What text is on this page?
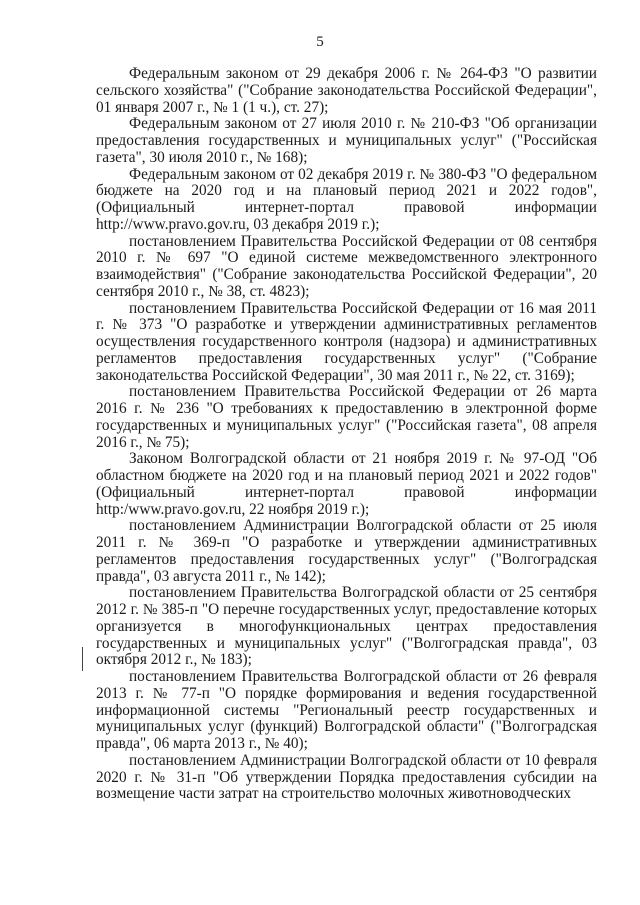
5

Федеральным законом от 29 декабря 2006 г. № 264-ФЗ "О развитии сельского хозяйства" ("Собрание законодательства Российской Федерации", 01 января 2007 г., № 1 (1 ч.), ст. 27);

Федеральным законом от 27 июля 2010 г. № 210-ФЗ "Об организации предоставления государственных и муниципальных услуг" ("Российская газета", 30 июля 2010 г., № 168);

Федеральным законом от 02 декабря 2019 г. № 380-ФЗ "О федеральном бюджете на 2020 год и на плановый период 2021 и 2022 годов", (Официальный интернет-портал правовой информации http://www.pravo.gov.ru, 03 декабря 2019 г.);

постановлением Правительства Российской Федерации от 08 сентября 2010 г. № 697 "О единой системе межведомственного электронного взаимодействия" ("Собрание законодательства Российской Федерации", 20 сентября 2010 г., № 38, ст. 4823);

постановлением Правительства Российской Федерации от 16 мая 2011 г. № 373 "О разработке и утверждении административных регламентов осуществления государственного контроля (надзора) и административных регламентов предоставления государственных услуг" ("Собрание законодательства Российской Федерации", 30 мая 2011 г., № 22, ст. 3169);

постановлением Правительства Российской Федерации от 26 марта 2016 г. № 236 "О требованиях к предоставлению в электронной форме государственных и муниципальных услуг" ("Российская газета", 08 апреля 2016 г., № 75);

Законом Волгоградской области от 21 ноября 2019 г. № 97-ОД "Об областном бюджете на 2020 год и на плановый период 2021 и 2022 годов" (Официальный интернет-портал правовой информации http:/www.pravo.gov.ru, 22 ноября 2019 г.);

постановлением Администрации Волгоградской области от 25 июля 2011 г. № 369-п "О разработке и утверждении административных регламентов предоставления государственных услуг" ("Волгоградская правда", 03 августа 2011 г., № 142);

постановлением Правительства Волгоградской области от 25 сентября 2012 г. № 385-п "О перечне государственных услуг, предоставление которых организуется в многофункциональных центрах предоставления государственных и муниципальных услуг" ("Волгоградская правда", 03 октября 2012 г., № 183);

постановлением Правительства Волгоградской области от 26 февраля 2013 г. № 77-п "О порядке формирования и ведения государственной информационной системы "Региональный реестр государственных и муниципальных услуг (функций) Волгоградской области" ("Волгоградская правда", 06 марта 2013 г., № 40);

постановлением Администрации Волгоградской области от 10 февраля 2020 г. № 31-п "Об утверждении Порядка предоставления субсидии на возмещение части затрат на строительство молочных животноводческих
